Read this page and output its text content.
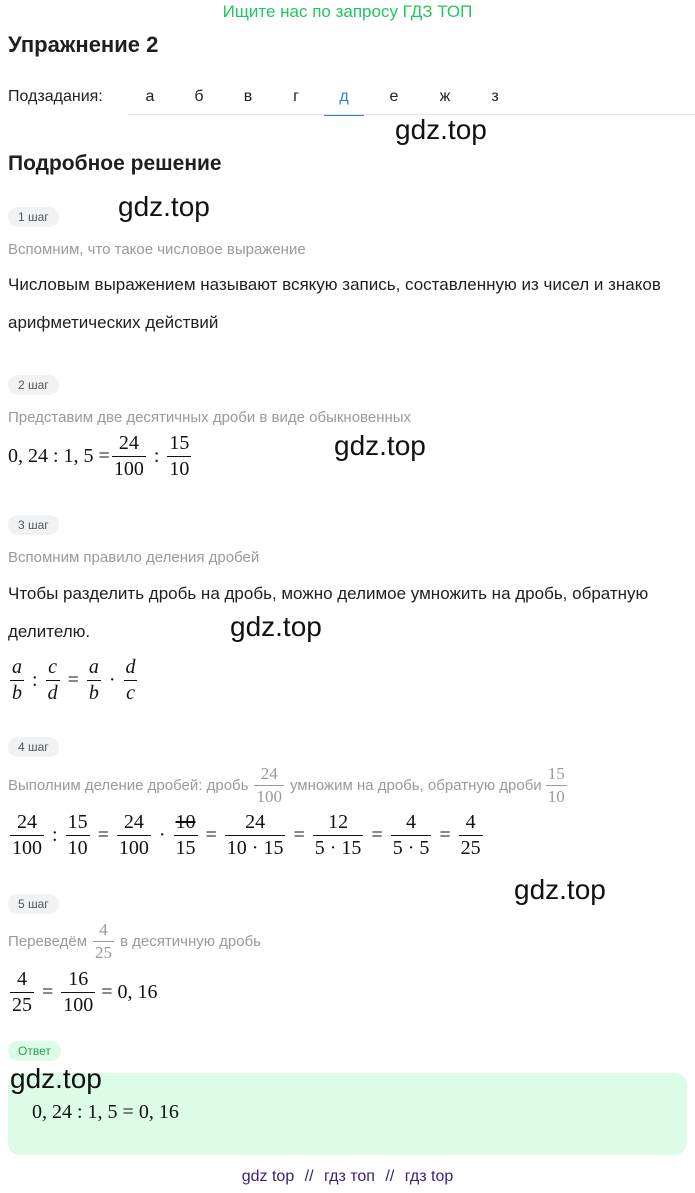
Ищите нас по запросу ГДЗ ТОП
Упражнение 2
Подзадания:	а	б	в	г	д	е	ж	з
gdz.top
Подробное решение
1 шаг	gdz.top
Вспомним, что такое числовое выражение
Числовым выражением называют всякую запись, составленную из чисел и знаков арифметических действий
2 шаг
Представим две десятичных дроби в виде обыкновенных
0, 24 : 1, $5 = \frac{24}{100}$ : $\frac{15}{10}$	gdz.top
3 шаг
Вспомним правило деления дробей
Чтобы разделить дробь на дробь, можно делимое умножить на дробь, обратную делителю.	gdz.top
$\frac{a}{b}$ : $\frac{c}{d} = \frac{a}{b} \cdot \frac{d}{c}$
4 шаг
Выполним деление дробей: дробь $\frac{24}{100}$ умножим на дробь, обратную дроби $\frac{15}{10}$
$\frac{24}{100}$ : $\frac{15}{10} = \frac{24}{100} \cdot \frac{10}{15} = \frac{24}{10 \cdot 15} = \frac{12}{5 \cdot 15} = \frac{4}{5 \cdot 5} = \frac{4}{25}$
gdz.top
5 шаг
Переведём $\frac{4}{25}$ в десятичную дробь
$\frac{4}{25} = \frac{16}{100} = 0$, 16
Ответ
0, 24 : 1, 5 = 0, 16
gdz.top
gdz top // гдз топ // гдз top
